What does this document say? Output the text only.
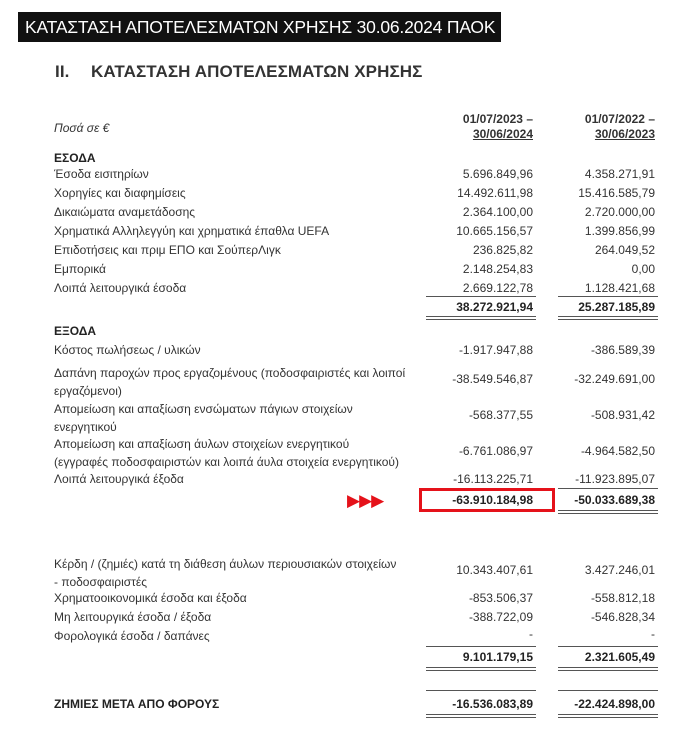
ΚΑΤΑΣΤΑΣΗ ΑΠΟΤΕΛΕΣΜΑΤΩΝ ΧΡΗΣΗΣ 30.06.2024 ΠΑΟΚ
II. ΚΑΤΑΣΤΑΣΗ ΑΠΟΤΕΛΕΣΜΑΤΩΝ ΧΡΗΣΗΣ
Ποσά σε €
01/07/2023 –
30/06/2024
01/07/2022 –
30/06/2023
ΕΣΟΔΑ
Έσοδα εισιτηρίων	5.696.849,96	4.358.271,91
Χορηγίες και διαφημίσεις	14.492.611,98	15.416.585,79
Δικαιώματα αναμετάδοσης	2.364.100,00	2.720.000,00
Χρηματικά Αλληλεγγύη και χρηματικά έπαθλα UEFA	10.665.156,57	1.399.856,99
Επιδοτήσεις και πριμ ΕΠΟ και ΣούπερΛιγκ	236.825,82	264.049,52
Εμπορικά	2.148.254,83	0,00
Λοιπά λειτουργικά έσοδα	2.669.122,78	1.128.421,68
38.272.921,94	25.287.185,89
ΕΞΟΔΑ
Κόστος πωλήσεως / υλικών	-1.917.947,88	-386.589,39
Δαπάνη παροχών προς εργαζομένους (ποδοσφαιριστές και λοιποί
εργαζόμενοι)
-38.549.546,87	-32.249.691,00
Απομείωση και απαξίωση ενσώματων πάγιων στοιχείων
ενεργητικού
-568.377,55	-508.931,42
Απομείωση και απαξίωση άυλων στοιχείων ενεργητικού
(εγγραφές ποδοσφαιριστών και λοιπά άυλα στοιχεία ενεργητικού)
-6.761.086,97	-4.964.582,50
Λοιπά λειτουργικά έξοδα	-16.113.225,71	-11.923.895,07
▶▶▶	-63.910.184,98	-50.033.689,38
Κέρδη / (ζημιές) κατά τη διάθεση άυλων περιουσιακών στοιχείων
- ποδοσφαιριστές
10.343.407,61	3.427.246,01
Χρηματοοικονομικά έσοδα και έξοδα	-853.506,37	-558.812,18
Μη λειτουργικά έσοδα / έξοδα	-388.722,09	-546.828,34
Φορολογικά έσοδα / δαπάνες	-	-
9.101.179,15	2.321.605,49
ΖΗΜΙΕΣ ΜΕΤΑ ΑΠΟ ΦΟΡΟΥΣ	-16.536.083,89	-22.424.898,00
